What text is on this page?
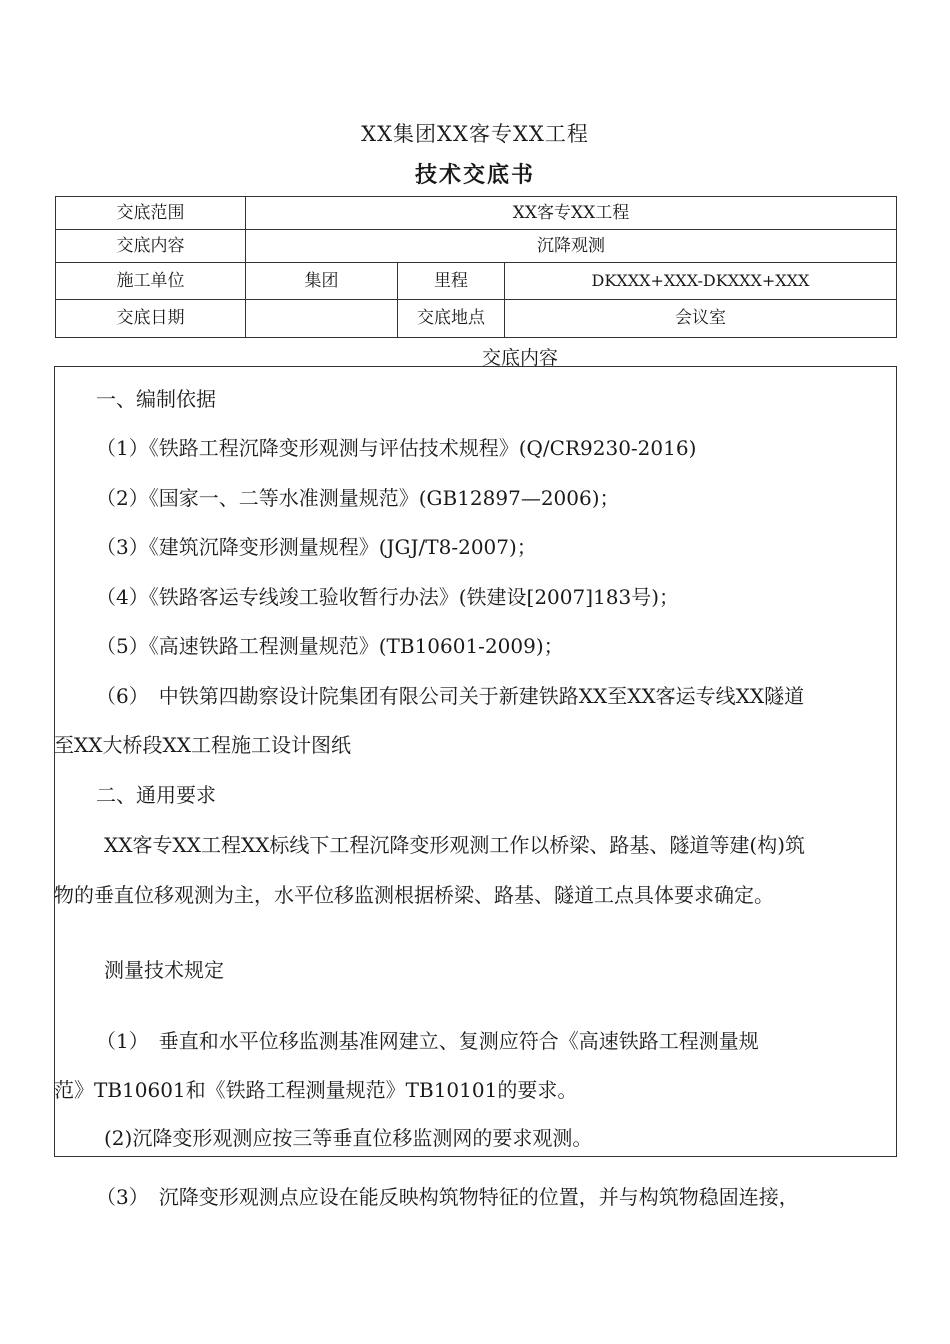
XX集团XX客专XX工程
技术交底书
交底范围	XX客专XX工程		
交底内容	沉降观测		
施工单位	集团	里程	DKXXX+XXX-DKXXX+XXX
交底日期		交底地点	会议室
交底内容
一、编制依据
（1）《铁路工程沉降变形观测与评估技术规程》(Q/CR9230-2016)
（2）《国家一、二等水准测量规范》(GB12897—2006)；
（3）《建筑沉降变形测量规程》(JGJ/T8-2007)；
（4）《铁路客运专线竣工验收暂行办法》(铁建设[2007]183号)；
（5）《高速铁路工程测量规范》(TB10601-2009)；
（6）　中铁第四勘察设计院集团有限公司关于新建铁路XX至XX客运专线XX隧道
至XX大桥段XX工程施工设计图纸
二、通用要求
XX客专XX工程XX标线下工程沉降变形观测工作以桥梁、路基、隧道等建(构)筑
物的垂直位移观测为主，水平位移监测根据桥梁、路基、隧道工点具体要求确定。
测量技术规定
（1）　垂直和水平位移监测基准网建立、复测应符合《高速铁路工程测量规
范》TB10601和《铁路工程测量规范》TB10101的要求。
(2)沉降变形观测应按三等垂直位移监测网的要求观测。
（3）　沉降变形观测点应设在能反映构筑物特征的位置，并与构筑物稳固连接，
